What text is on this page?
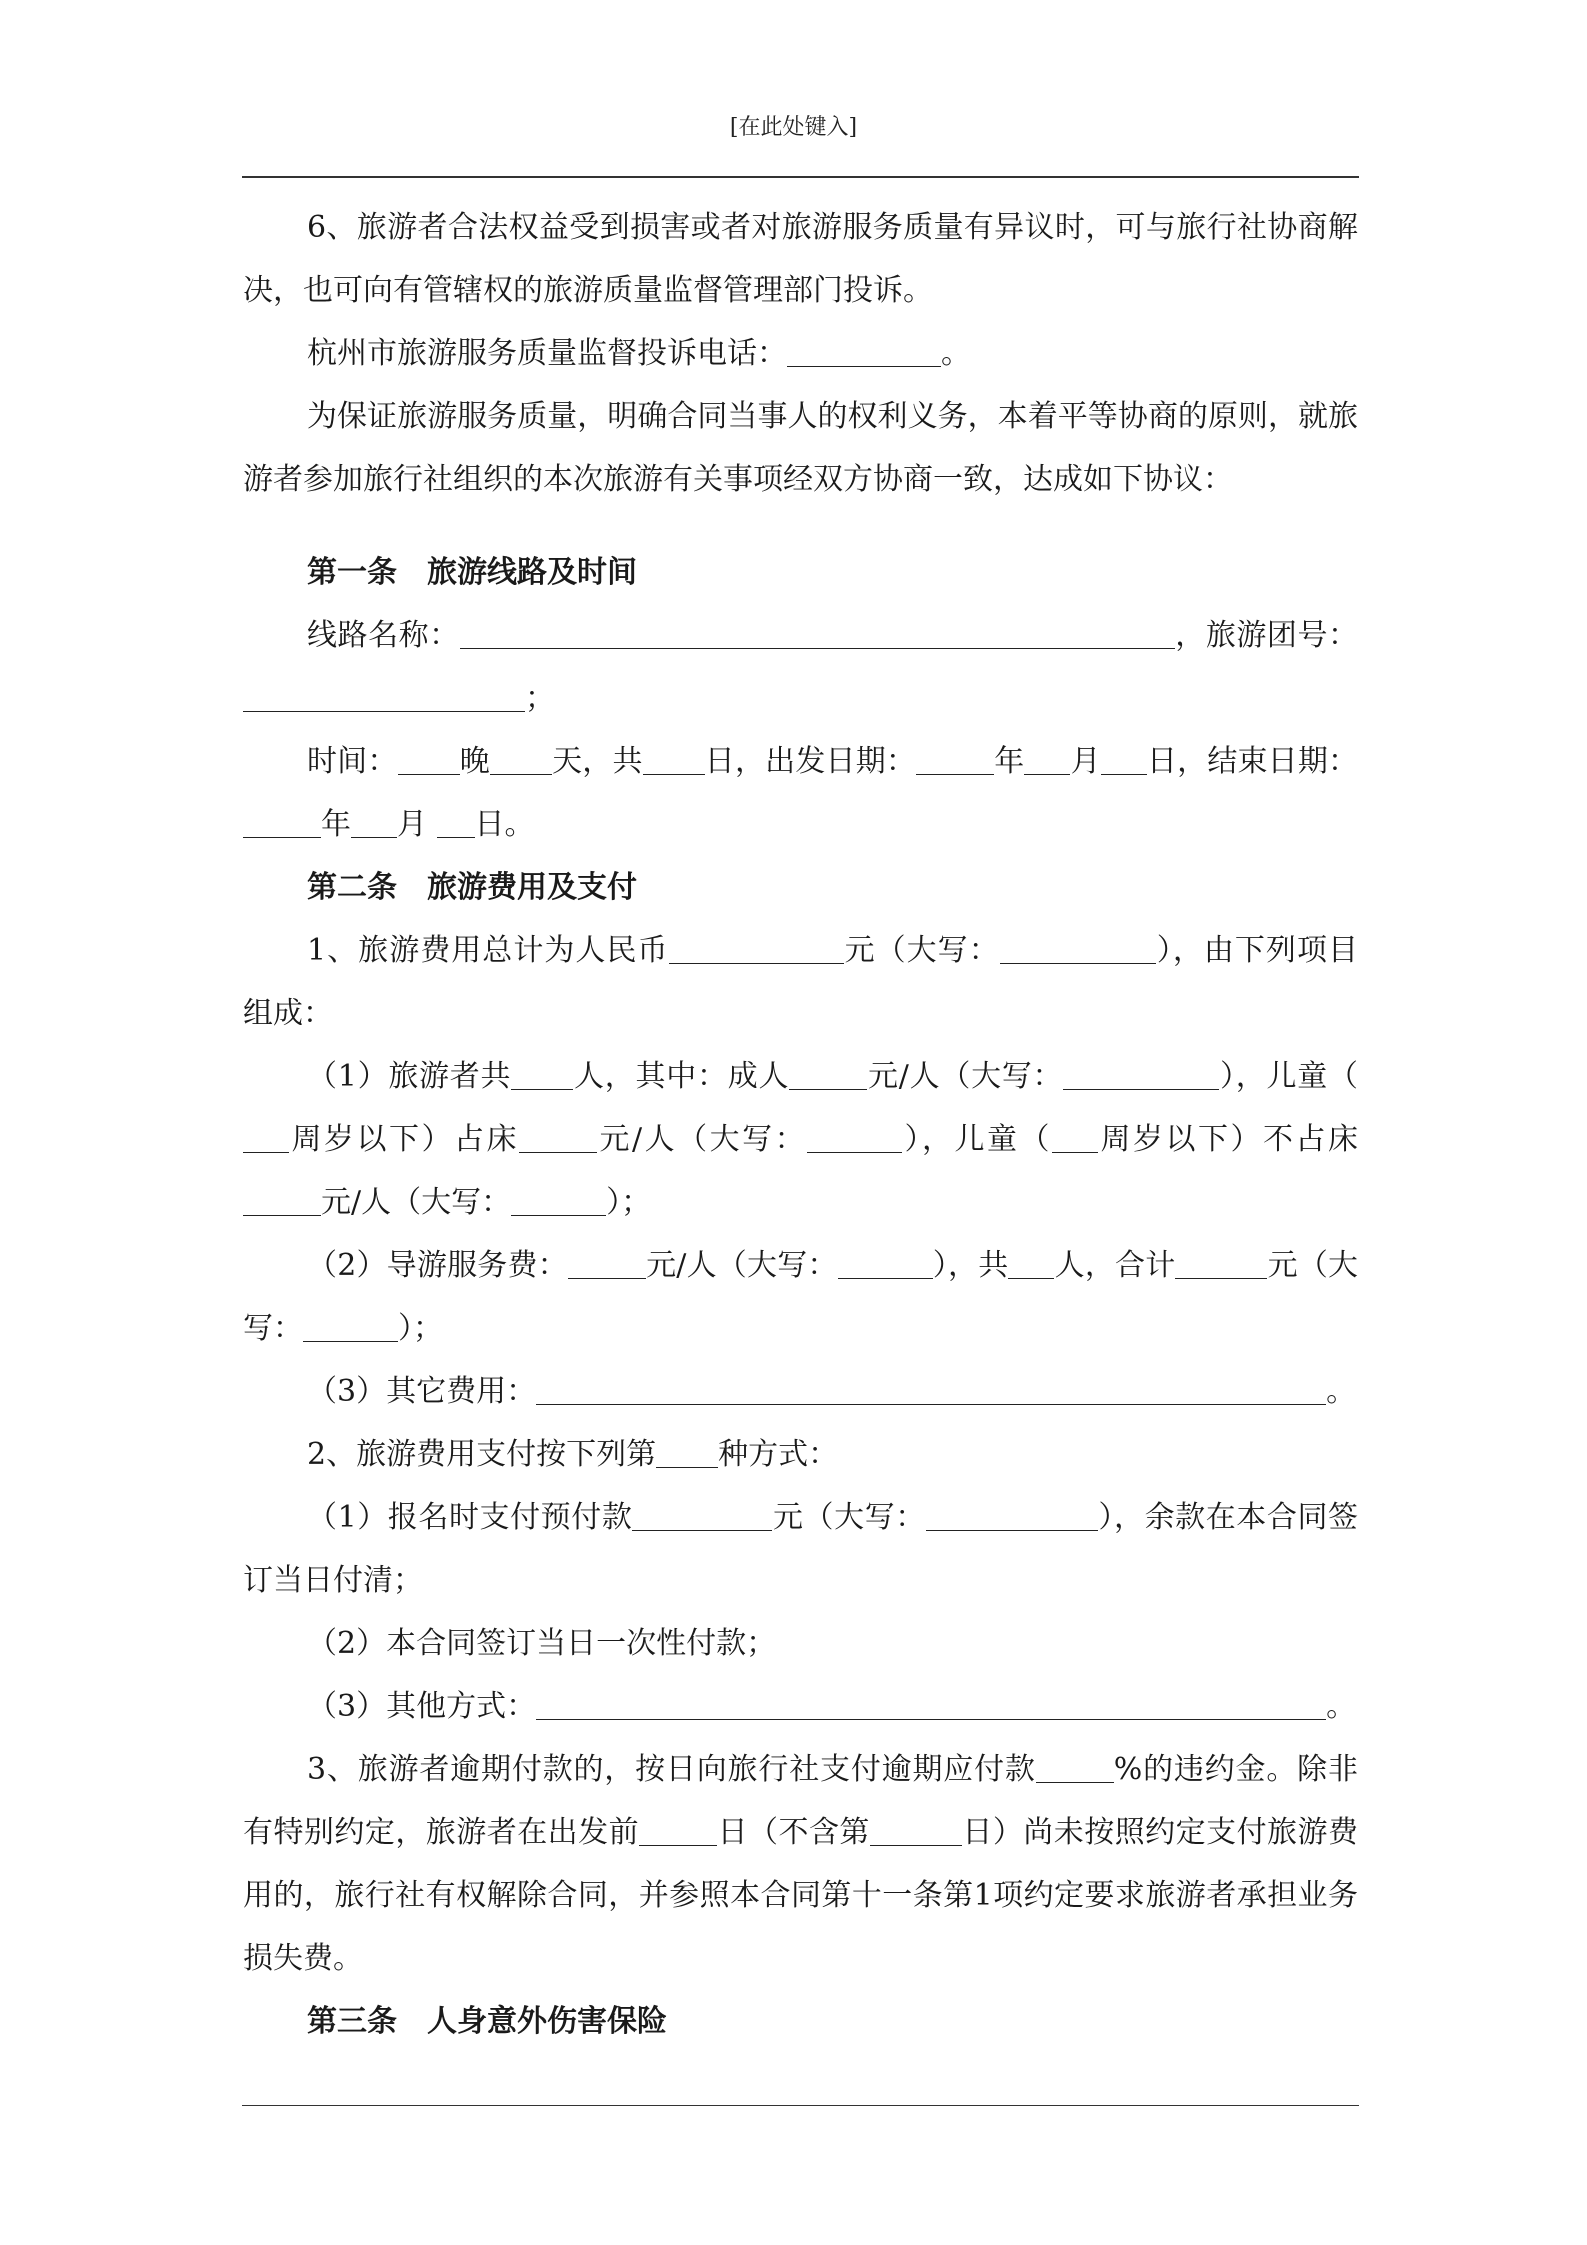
[在此处键入]

6、旅游者合法权益受到损害或者对旅游服务质量有异议时，可与旅行社协商解决，也可向有管辖权的旅游质量监督管理部门投诉。

杭州市旅游服务质量监督投诉电话：	。

为保证旅游服务质量，明确合同当事人的权利义务，本着平等协商的原则，就旅游者参加旅行社组织的本次旅游有关事项经双方协商一致，达成如下协议：

第一条　旅游线路及时间

线路名称：	，旅游团号：；

时间： 晚 天，共 日，出发日期：	年 月 日，结束日期：年 月 日。

第二条　旅游费用及支付

1、旅游费用总计为人民币	元（大写：	），由下列项目组成：

（1）旅游者共 人，其中：成人	元/人（大写：	），儿童（周岁以下）占床	元/人（大写：	），儿童（ 周岁以下）不占床元/人（大写：	）；

（2）导游服务费：	元/人（大写：	），共 人，合计	元（大写：	）；

（3）其它费用：	。

2、旅游费用支付按下列第 种方式：

（1）报名时支付预付款	元（大写：	），余款在本合同签订当日付清；

（2）本合同签订当日一次性付款；

（3）其他方式：	。

3、旅游者逾期付款的，按日向旅行社支付逾期应付款	%的违约金。除非有特别约定，旅游者在出发前	日（不含第	日）尚未按照约定支付旅游费用的，旅行社有权解除合同，并参照本合同第十一条第1项约定要求旅游者承担业务损失费。

第三条　人身意外伤害保险
